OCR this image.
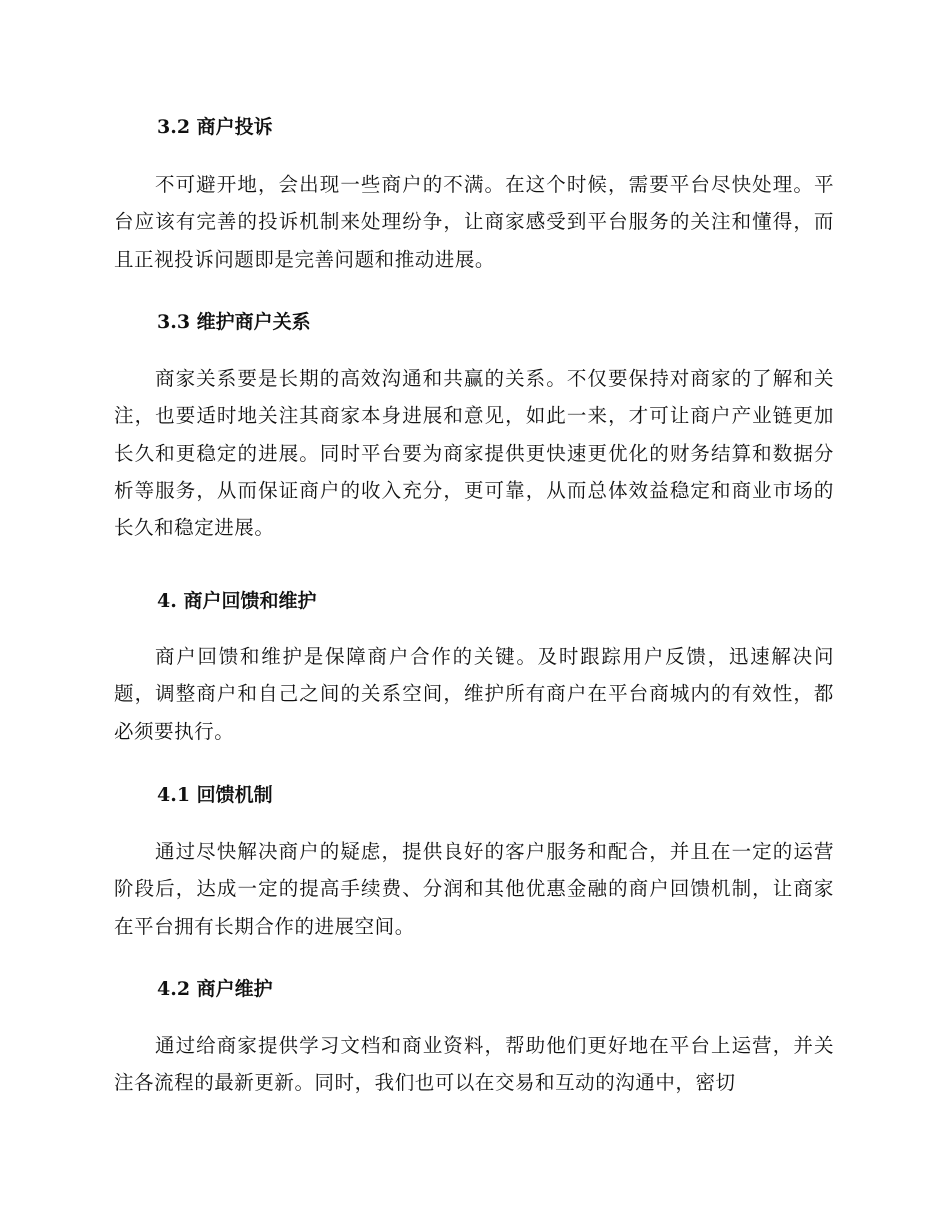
3.2 商户投诉

不可避开地，会出现一些商户的不满。在这个时候，需要平台尽快处理。平台应该有完善的投诉机制来处理纷争，让商家感受到平台服务的关注和懂得，而且正视投诉问题即是完善问题和推动进展。

3.3 维护商户关系

商家关系要是长期的高效沟通和共赢的关系。不仅要保持对商家的了解和关注，也要适时地关注其商家本身进展和意见，如此一来，才可让商户产业链更加长久和更稳定的进展。同时平台要为商家提供更快速更优化的财务结算和数据分析等服务，从而保证商户的收入充分，更可靠，从而总体效益稳定和商业市场的长久和稳定进展。

4. 商户回馈和维护

商户回馈和维护是保障商户合作的关键。及时跟踪用户反馈，迅速解决问题，调整商户和自己之间的关系空间，维护所有商户在平台商城内的有效性，都必须要执行。

4.1 回馈机制

通过尽快解决商户的疑虑，提供良好的客户服务和配合，并且在一定的运营阶段后，达成一定的提高手续费、分润和其他优惠金融的商户回馈机制，让商家在平台拥有长期合作的进展空间。

4.2 商户维护

通过给商家提供学习文档和商业资料，帮助他们更好地在平台上运营，并关注各流程的最新更新。同时，我们也可以在交易和互动的沟通中，密切
